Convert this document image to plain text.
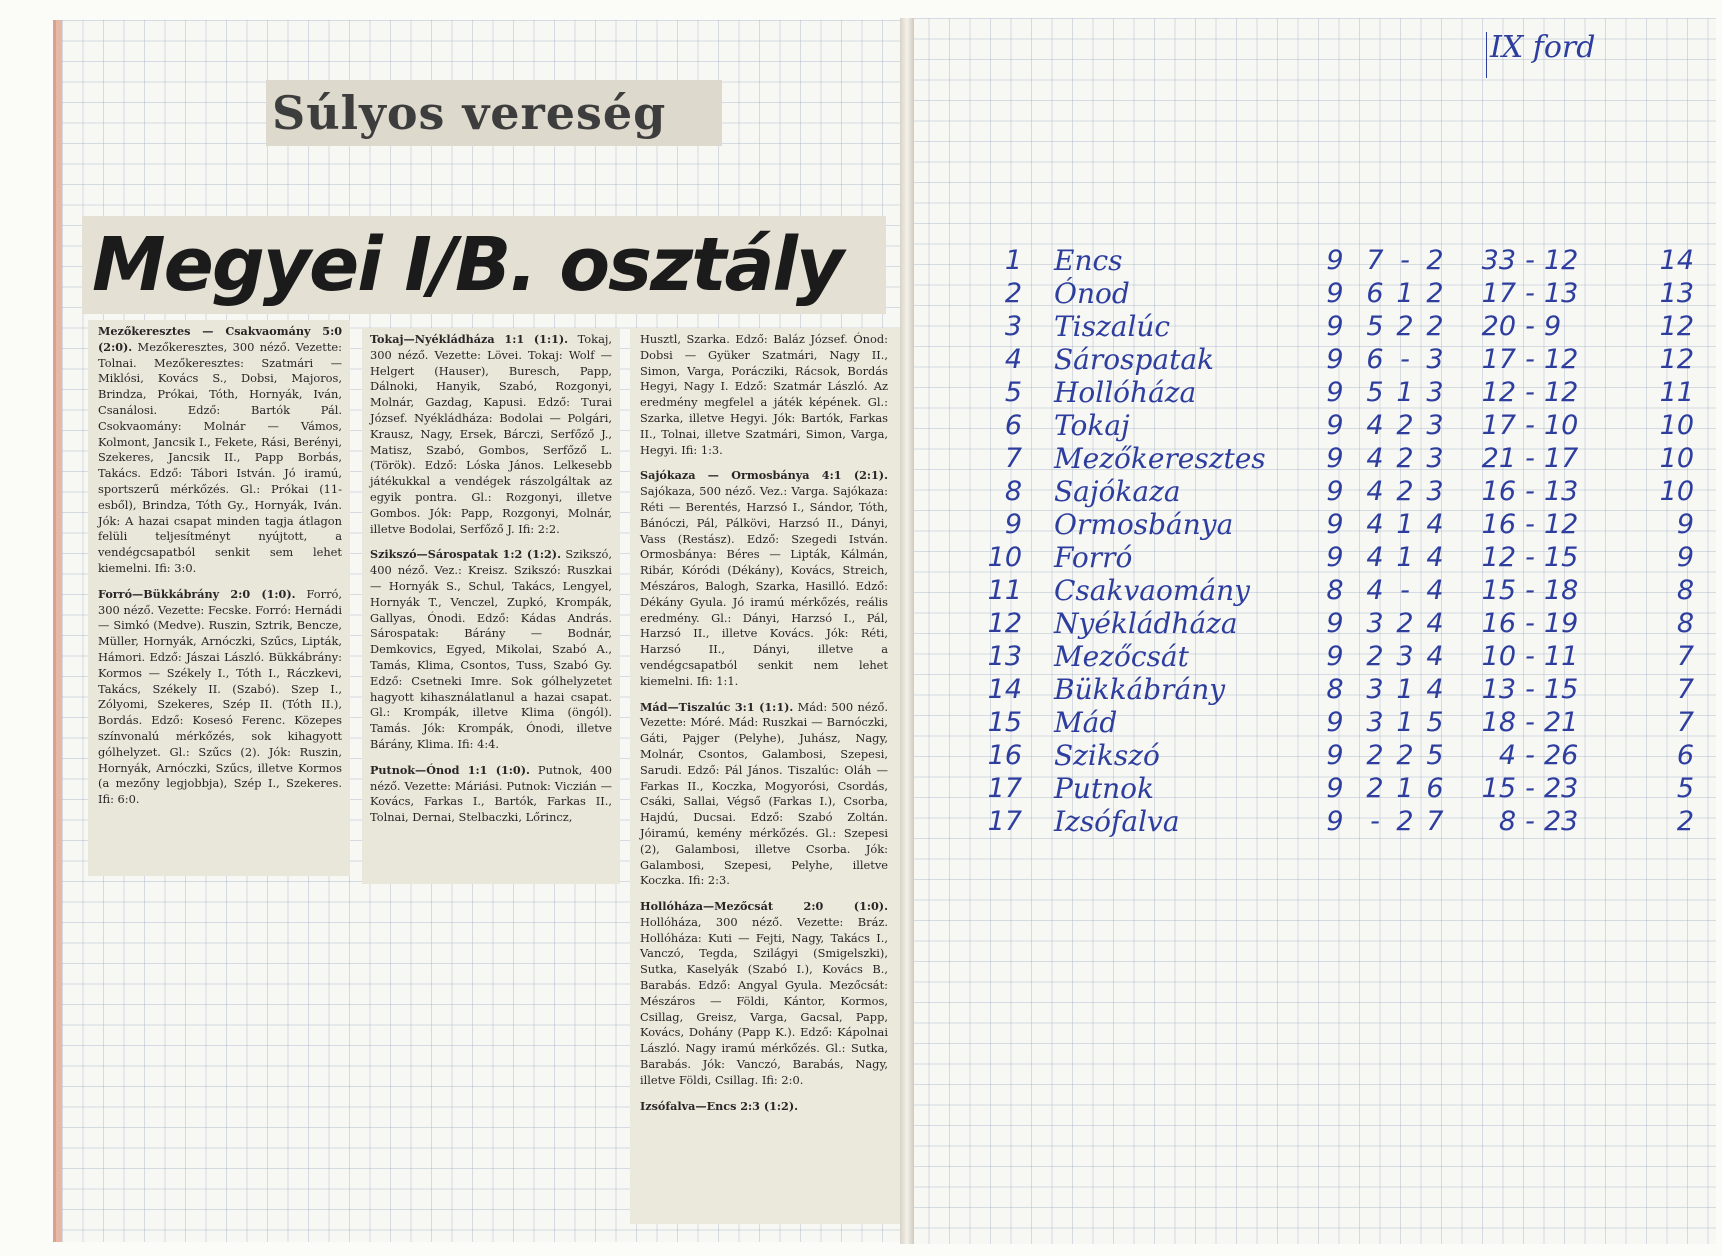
Súlyos vereség
Megyei I/B. osztály

Mezőkeresztes — Csakvaomány 5:0 (2:0). Mezőkeresztes, 300 néző. Vezette: Tolnai. Mezőkeresztes: Szatmári — Miklósi, Kovács S., Dobsi, Majoros, Brindza, Prókai, Tóth, Hornyák, Iván, Csanálosi. Edző: Bartók Pál. Csokvaomány: Molnár — Vámos, Kolmont, Jancsik I., Fekete, Rási, Berényi, Szekeres, Jancsik II., Papp Borbás, Takács. Edző: Tábori István. Jó iramú, sportszerű mérkőzés. Gl.: Prókai (11-esből), Brindza, Tóth Gy., Hornyák, Iván. Jók: A hazai csapat minden tagja átlagon felüli teljesítményt nyújtott, a vendégcsapatból senkit sem lehet kiemelni. Ifi: 3:0.

Forró—Bükkábrány 2:0 (1:0). Forró, 300 néző. Vezette: Fecske. Forró: Hernádi — Simkó (Medve). Ruszin, Sztrik, Bencze, Müller, Hornyák, Arnóczki, Szűcs, Lipták, Hámori. Edző: Jászai László. Bükkábrány: Kormos — Székely I., Tóth I., Ráczkevi, Takács, Székely II. (Szabó). Szep I., Zólyomi, Szekeres, Szép II. (Tóth II.), Bordás. Edző: Kosesó Ferenc. Közepes színvonalú mérkőzés, sok kihagyott gólhelyzet. Gl.: Szűcs (2). Jók: Ruszin, Hornyák, Arnóczki, Szűcs, illetve Kormos (a mezőny legjobbja), Szép I., Szekeres. Ifi: 6:0.

Tokaj—Nyékládháza 1:1 (1:1). Tokaj, 300 néző. Vezette: Lövei. Tokaj: Wolf — Helgert (Hauser), Buresch, Papp, Dálnoki, Hanyik, Szabó, Rozgonyi, Molnár, Gazdag, Kapusi. Edző: Turai József. Nyékládháza: Bodolai — Polgári, Krausz, Nagy, Ersek, Bárczi, Serfőző J., Matisz, Szabó, Gombos, Serfőző L. (Török). Edző: Lóska János. Lelkesebb játékukkal a vendégek rászolgáltak az egyik pontra. Gl.: Rozgonyi, illetve Gombos. Jók: Papp, Rozgonyi, Molnár, illetve Bodolai, Serfőző J. Ifi: 2:2.

Szikszó—Sárospatak 1:2 (1:2). Szikszó, 400 néző. Vez.: Kreisz. Szikszó: Ruszkai — Hornyák S., Schul, Takács, Lengyel, Hornyák T., Venczel, Zupkó, Krompák, Gallyas, Ónodi. Edző: Kádas András. Sárospatak: Bárány — Bodnár, Demkovics, Egyed, Mikolai, Szabó A., Tamás, Klima, Csontos, Tuss, Szabó Gy. Edző: Csetneki Imre. Sok gólhelyzetet hagyott kihasználatlanul a hazai csapat. Gl.: Krompák, illetve Klima (öngól). Tamás. Jók: Krompák, Ónodi, illetve Bárány, Klima. Ifi: 4:4.

Putnok—Ónod 1:1 (1:0). Putnok, 400 néző. Vezette: Máriási. Putnok: Viczián — Kovács, Farkas I., Bartók, Farkas II., Tolnai, Dernai, Stelbaczki, Lőrincz,

Husztl, Szarka. Edző: Baláz József. Ónod: Dobsi — Gyüker Szatmári, Nagy II., Simon, Varga, Porácziki, Rácsok, Bordás Hegyi, Nagy I. Edző: Szatmár László. Az eredmény megfelel a játék képének. Gl.: Szarka, illetve Hegyi. Jók: Bartók, Farkas II., Tolnai, illetve Szatmári, Simon, Varga, Hegyi. Ifi: 1:3.

Sajókaza — Ormosbánya 4:1 (2:1). Sajókaza, 500 néző. Vez.: Varga. Sajókaza: Réti — Berentés, Harzsó I., Sándor, Tóth, Bánóczi, Pál, Pálkövi, Harzsó II., Dányi, Vass (Restász). Edző: Szegedi István. Ormosbánya: Béres — Lipták, Kálmán, Ribár, Kóródi (Dékány), Kovács, Streich, Mészáros, Balogh, Szarka, Hasilló. Edző: Dékány Gyula. Jó iramú mérkőzés, reális eredmény. Gl.: Dányi, Harzsó I., Pál, Harzsó II., illetve Kovács. Jók: Réti, Harzsó II., Dányi, illetve a vendégcsapatból senkit nem lehet kiemelni. Ifi: 1:1.

Mád—Tiszalúc 3:1 (1:1). Mád: 500 néző. Vezette: Móré. Mád: Ruszkai — Barnóczki, Gáti, Pajger (Pelyhe), Juhász, Nagy, Molnár, Csontos, Galambosi, Szepesi, Sarudi. Edző: Pál János. Tiszalúc: Oláh — Farkas II., Koczka, Mogyorósi, Csordás, Csáki, Sallai, Végső (Farkas I.), Csorba, Hajdú, Ducsai. Edző: Szabó Zoltán. Jóiramú, kemény mérkőzés. Gl.: Szepesi (2), Galambosi, illetve Csorba. Jók: Galambosi, Szepesi, Pelyhe, illetve Koczka. Ifi: 2:3.

Hollóháza—Mezőcsát 2:0 (1:0). Hollóháza, 300 néző. Vezette: Bráz. Hollóháza: Kuti — Fejti, Nagy, Takács I., Vanczó, Tegda, Szilágyi (Smigelszki), Sutka, Kaselyák (Szabó I.), Kovács B., Barabás. Edző: Angyal Gyula. Mezőcsát: Mészáros — Földi, Kántor, Kormos, Csillag, Greisz, Varga, Gacsal, Papp, Kovács, Dohány (Papp K.). Edző: Kápolnai László. Nagy iramú mérkőzés. Gl.: Sutka, Barabás. Jók: Vanczó, Barabás, Nagy, illetve Földi, Csillag. Ifi: 2:0.

Izsófalva—Encs 2:3 (1:2).

IX ford
1	Encs	9	7	-	2	33	-	12	14
2	Ónod	9	6	1	2	17	-	13	13
3	Tiszalúc	9	5	2	2	20	-	9	12
4	Sárospatak	9	6	-	3	17	-	12	12
5	Hollóháza	9	5	1	3	12	-	12	11
6	Tokaj	9	4	2	3	17	-	10	10
7	Mezőkeresztes	9	4	2	3	21	-	17	10
8	Sajókaza	9	4	2	3	16	-	13	10
9	Ormosbánya	9	4	1	4	16	-	12	9
10	Forró	9	4	1	4	12	-	15	9
11	Csakvaomány	8	4	-	4	15	-	18	8
12	Nyékládháza	9	3	2	4	16	-	19	8
13	Mezőcsát	9	2	3	4	10	-	11	7
14	Bükkábrány	8	3	1	4	13	-	15	7
15	Mád	9	3	1	5	18	-	21	7
16	Szikszó	9	2	2	5	4	-	26	6
17	Putnok	9	2	1	6	15	-	23	5
17	Izsófalva	9	-	2	7	8	-	23	2
